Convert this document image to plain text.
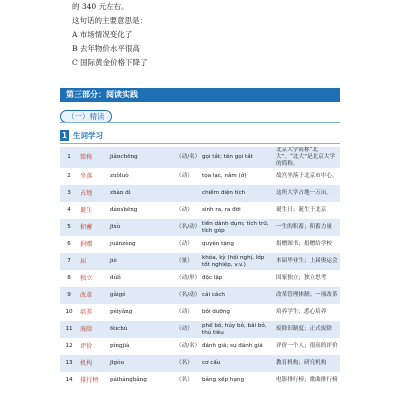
的 340 元左右。
这句话的主要意思是：
A 市场情况变化了
B 去年物价水平很高
C 国际黄金价格下降了
第三部分：阅读实践
（一）精读
1 生词学习
1	简称	jiǎnchēng	（动/名）	gọi tắt; tên gọi tắt	北京大学简称“北大”。“北大”是北京大学的简称。
2	坐落	zuòluò	（动）	tọa lạc, nằm (ở)	故宫坐落于北京市中心。
3	占地	zhàn dì		chiếm diện tích	这所大学占地一万亩。
4	诞生	dànshēng	（动）	sinh ra, ra đời	诞生日；诞生于北京
5	积蓄	jīxù	（名/动）	tiền dành dụm; tích trữ, tích góp	一生的积蓄；积蓄力量
6	捐赠	juānzèng	（动）	quyên tặng	捐赠图书；捐赠给学校
7	届	jiè	（量）	khóa, kỳ (hội nghị, lớp tốt nghiệp, v.v.)	本届毕业生；上届奥运会
8	独立	dúlì	（动/形）	độc lập	国家独立；独立思考
9	改革	gǎigé	（名/动）	cải cách	改革管理体制；一项改革
10	培养	péiyǎng	（动）	bồi dưỡng	培养学生；悉心培养
11	废除	fèichú	（动）	phế bỏ, hủy bỏ, bãi bỏ, thủ tiêu	废除旧制度；正式废除
12	评价	píngjià	（动/名）	đánh giá; sự đánh giá	评价一个人；很高的评价
13	机构	jīgòu	（名）	cơ cấu	教育机构；研究机构
14	排行榜	páihángbǎng	（名）	bảng xếp hạng	电影排行榜；歌曲排行榜
